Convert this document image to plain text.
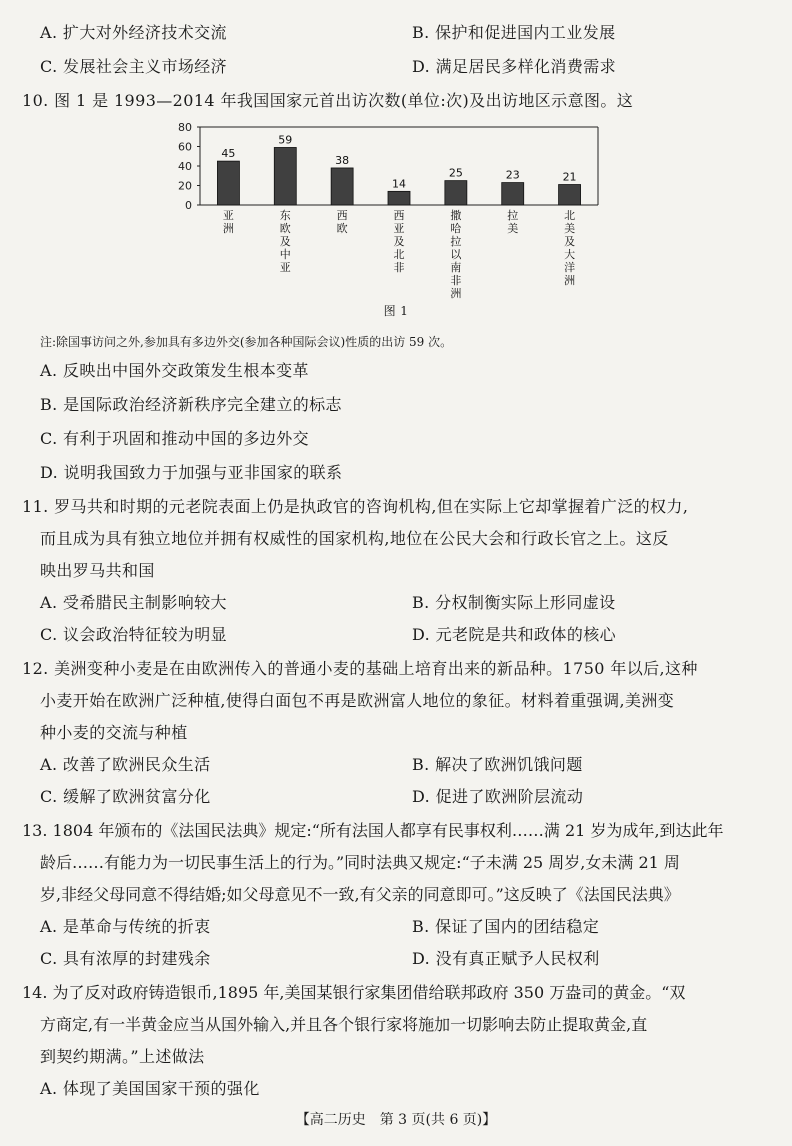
A. 扩大对外经济技术交流	B. 保护和促进国内工业发展
C. 发展社会主义市场经济	D. 满足居民多样化消费需求
10. 图 1 是 1993—2014 年我国国家元首出访次数(单位:次)及出访地区示意图。这
0
20
40
60
80
45
亚洲
59
东欧及中亚
38
西欧
14
西亚及北非
25
撒哈拉以南非洲
23
拉美
21
北美及大洋洲
图 1
注:除国事访问之外,参加具有多边外交(参加各种国际会议)性质的出访 59 次。
A. 反映出中国外交政策发生根本变革
B. 是国际政治经济新秩序完全建立的标志
C. 有利于巩固和推动中国的多边外交
D. 说明我国致力于加强与亚非国家的联系
11. 罗马共和时期的元老院表面上仍是执政官的咨询机构,但在实际上它却掌握着广泛的权力,
而且成为具有独立地位并拥有权威性的国家机构,地位在公民大会和行政长官之上。这反
映出罗马共和国
A. 受希腊民主制影响较大	B. 分权制衡实际上形同虚设
C. 议会政治特征较为明显	D. 元老院是共和政体的核心
12. 美洲变种小麦是在由欧洲传入的普通小麦的基础上培育出来的新品种。1750 年以后,这种
小麦开始在欧洲广泛种植,使得白面包不再是欧洲富人地位的象征。材料着重强调,美洲变
种小麦的交流与种植
A. 改善了欧洲民众生活	B. 解决了欧洲饥饿问题
C. 缓解了欧洲贫富分化	D. 促进了欧洲阶层流动
13. 1804 年颁布的《法国民法典》规定:“所有法国人都享有民事权利……满 21 岁为成年,到达此年
龄后……有能力为一切民事生活上的行为。”同时法典又规定:“子未满 25 周岁,女未满 21 周
岁,非经父母同意不得结婚;如父母意见不一致,有父亲的同意即可。”这反映了《法国民法典》
A. 是革命与传统的折衷	B. 保证了国内的团结稳定
C. 具有浓厚的封建残余	D. 没有真正赋予人民权利
14. 为了反对政府铸造银币,1895 年,美国某银行家集团借给联邦政府 350 万盎司的黄金。“双
方商定,有一半黄金应当从国外输入,并且各个银行家将施加一切影响去防止提取黄金,直
到契约期满。”上述做法
A. 体现了美国国家干预的强化
【高二历史　第 3 页(共 6 页)】
